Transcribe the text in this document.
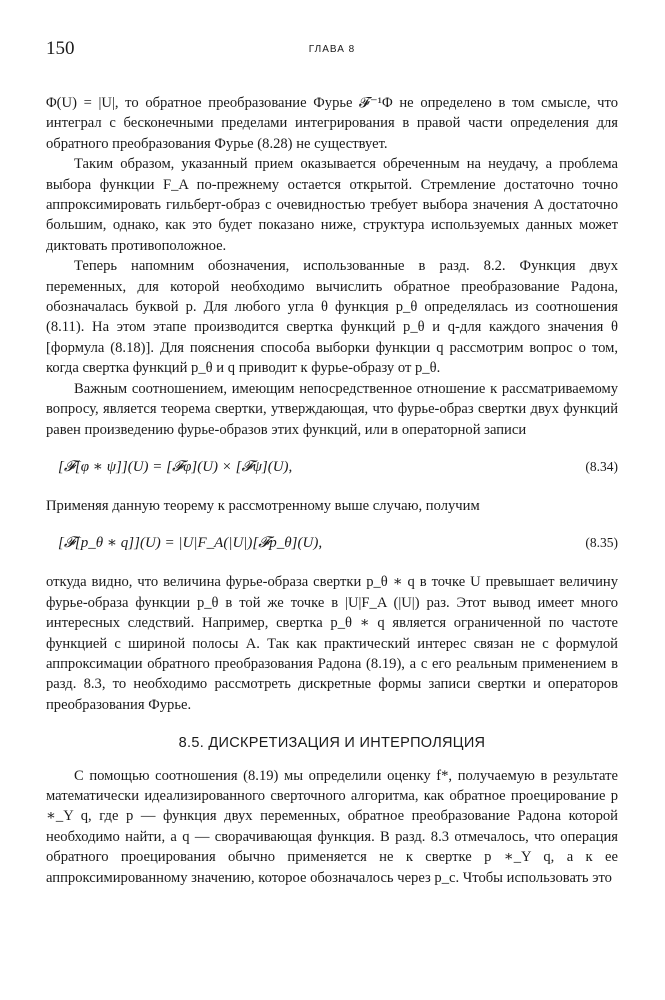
150	ГЛАВА 8

Φ(U) = |U|, то обратное преобразование Фурье 𝓕⁻¹Φ не определено в том смысле, что интеграл с бесконечными пределами интегрирования в правой части определения для обратного преобразования Фурье (8.28) не существует.

Таким образом, указанный прием оказывается обреченным на неудачу, а проблема выбора функции F_A по-прежнему остается открытой. Стремление достаточно точно аппроксимировать гильберт-образ с очевидностью требует выбора значения A достаточно большим, однако, как это будет показано ниже, структура используемых данных может диктовать противоположное.

Теперь напомним обозначения, использованные в разд. 8.2. Функция двух переменных, для которой необходимо вычислить обратное преобразование Радона, обозначалась буквой p. Для любого угла θ функция p_θ определялась из соотношения (8.11). На этом этапе производится свертка функций p_θ и q-для каждого значения θ [формула (8.18)]. Для пояснения способа выборки функции q рассмотрим вопрос о том, когда свертка функций p_θ и q приводит к фурье-образу от p_θ.

Важным соотношением, имеющим непосредственное отношение к рассматриваемому вопросу, является теорема свертки, утверждающая, что фурье-образ свертки двух функций равен произведению фурье-образов этих функций, или в операторной записи

[𝓕[φ ∗ ψ]](U) = [𝓕φ](U) × [𝓕ψ](U),	(8.34)

Применяя данную теорему к рассмотренному выше случаю, получим

[𝓕[p_θ ∗ q]](U) = |U|F_A(|U|)[𝓕p_θ](U),	(8.35)

откуда видно, что величина фурье-образа свертки p_θ ∗ q в точке U превышает величину фурье-образа функции p_θ в той же точке в |U|F_A (|U|) раз. Этот вывод имеет много интересных следствий. Например, свертка p_θ ∗ q является ограниченной по частоте функцией с шириной полосы A. Так как практический интерес связан не с формулой аппроксимации обратного преобразования Радона (8.19), а с его реальным применением в разд. 8.3, то необходимо рассмотреть дискретные формы записи свертки и операторов преобразования Фурье.

8.5. ДИСКРЕТИЗАЦИЯ И ИНТЕРПОЛЯЦИЯ

С помощью соотношения (8.19) мы определили оценку f*, получаемую в результате математически идеализированного сверточного алгоритма, как обратное проецирование p ∗_Y q, где p — функция двух переменных, обратное преобразование Радона которой необходимо найти, а q — сворачивающая функция. В разд. 8.3 отмечалось, что операция обратного проецирования обычно применяется не к свертке p ∗_Y q, а к ее аппроксимированному значению, которое обозначалось через p_c. Чтобы использовать это
